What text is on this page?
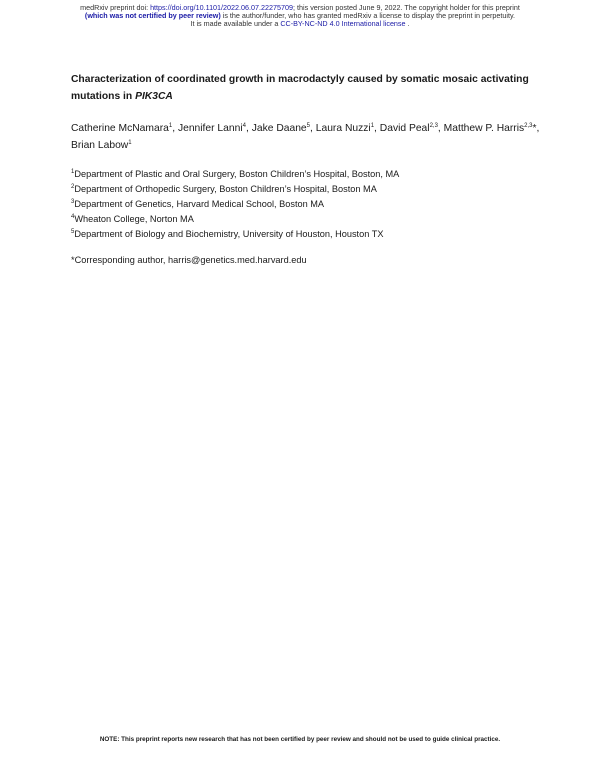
medRxiv preprint doi: https://doi.org/10.1101/2022.06.07.22275709; this version posted June 9, 2022. The copyright holder for this preprint
(which was not certified by peer review) is the author/funder, who has granted medRxiv a license to display the preprint in perpetuity.
It is made available under a CC-BY-NC-ND 4.0 International license .
Characterization of coordinated growth in macrodactyly caused by somatic mosaic activating mutations in PIK3CA
Catherine McNamara$^1$, Jennifer Lanni$^4$, Jake Daane$^5$, Laura Nuzzi$^1$, David Peal$^{2,3}$, Matthew P. Harris$^{2,3}$*, Brian Labow$^1$
$^1$Department of Plastic and Oral Surgery, Boston Children’s Hospital, Boston, MA
$^2$Department of Orthopedic Surgery, Boston Children’s Hospital, Boston MA
$^3$Department of Genetics, Harvard Medical School, Boston MA
$^4$Wheaton College, Norton MA
$^5$Department of Biology and Biochemistry, University of Houston, Houston TX
*Corresponding author, harris@genetics.med.harvard.edu
NOTE: This preprint reports new research that has not been certified by peer review and should not be used to guide clinical practice.
